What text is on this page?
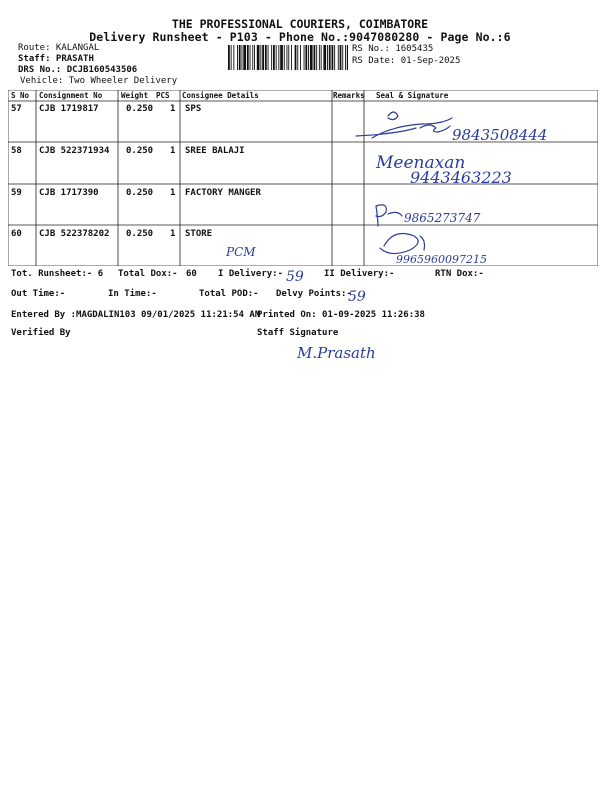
THE PROFESSIONAL COURIERS, COIMBATORE
Delivery Runsheet - P103 - Phone No.:9047080280 - Page No.:6
Route: KALANGAL
Staff: PRASATH
DRS No.: DCJB160543506
Vehicle: Two Wheeler Delivery
RS No.: 1605435
RS Date: 01-Sep-2025
S No Consignment No	Weight PCS Consignee Details	Remarks Seal & Signature
57 CJB 1719817	0.250 1 SPS
58 CJB 522371934 0.250 1 SREE BALAJI
59 CJB 1717390	0.250 1 FACTORY MANGER
60 CJB 522378202 0.250 1 STORE
Tot. Runsheet:- 6 Total Dox:- 60 I Delivery:-	II Delivery:-	RTN Dox:-
Out Time:-	In Time:-	Total POD:- Delvy Points:-
Entered By :MAGDALIN103 09/01/2025 11:21:54 AM
Printed On: 01-09-2025 11:26:38
Verified By	Staff Signature
9843508444
Meenaxan
9443463223
9865273747
PCM
9965960097215
59
59
M.Prasath
